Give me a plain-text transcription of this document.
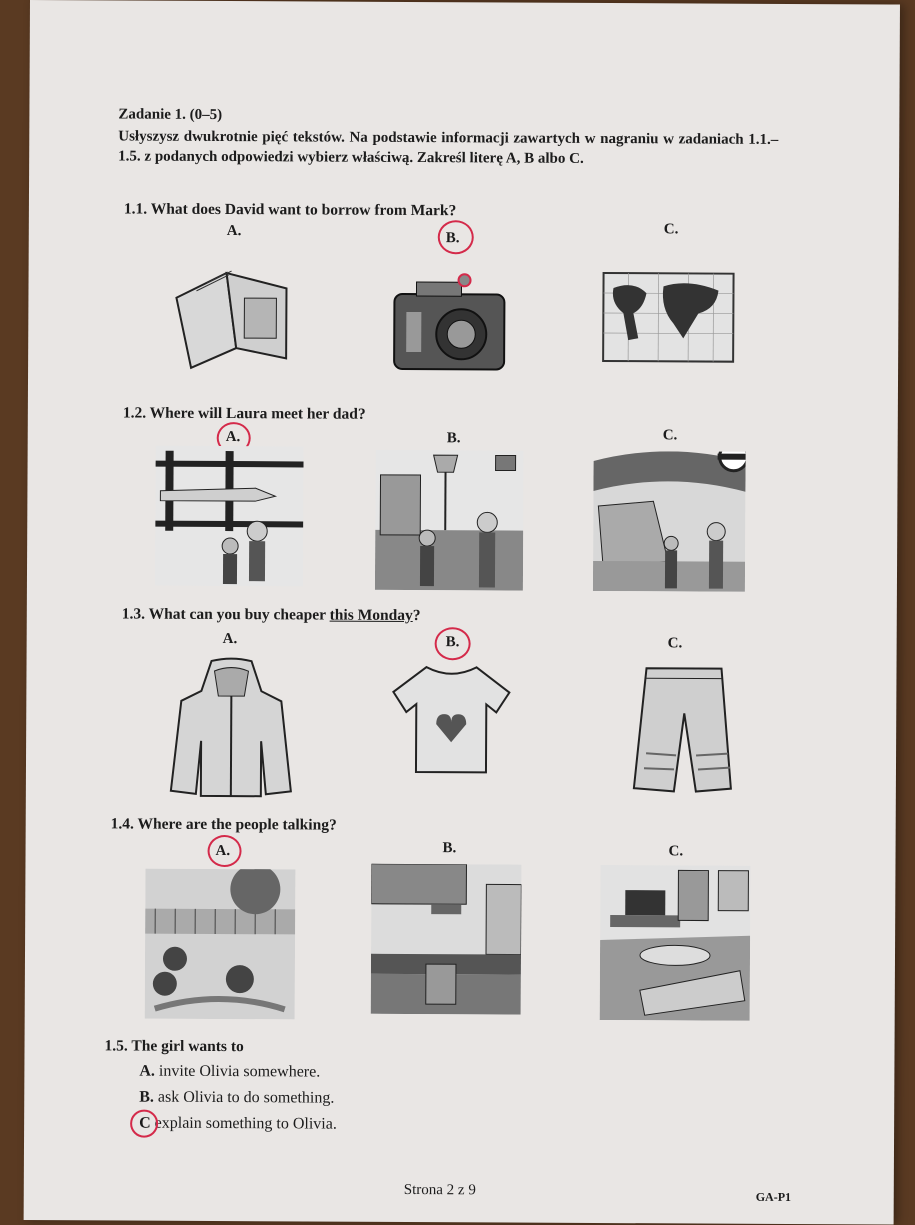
Zadanie 1. (0–5)
Usłyszysz dwukrotnie pięć tekstów. Na podstawie informacji zawartych w nagraniu w zadaniach 1.1.–1.5. z podanych odpowiedzi wybierz właściwą. Zakreśl literę A, B albo C.
1.1. What does David want to borrow from Mark?
A.	B.
C.
1.2. Where will Laura meet her dad?
A.	B.	C.
1.3. What can you buy cheaper this Monday?
A.	B.	C.
1.4. Where are the people talking?
A.	B.	C.
1.5. The girl wants to
A. invite Olivia somewhere.
B. ask Olivia to do something.
C explain something to Olivia.
Strona 2 z 9	GA-P1
